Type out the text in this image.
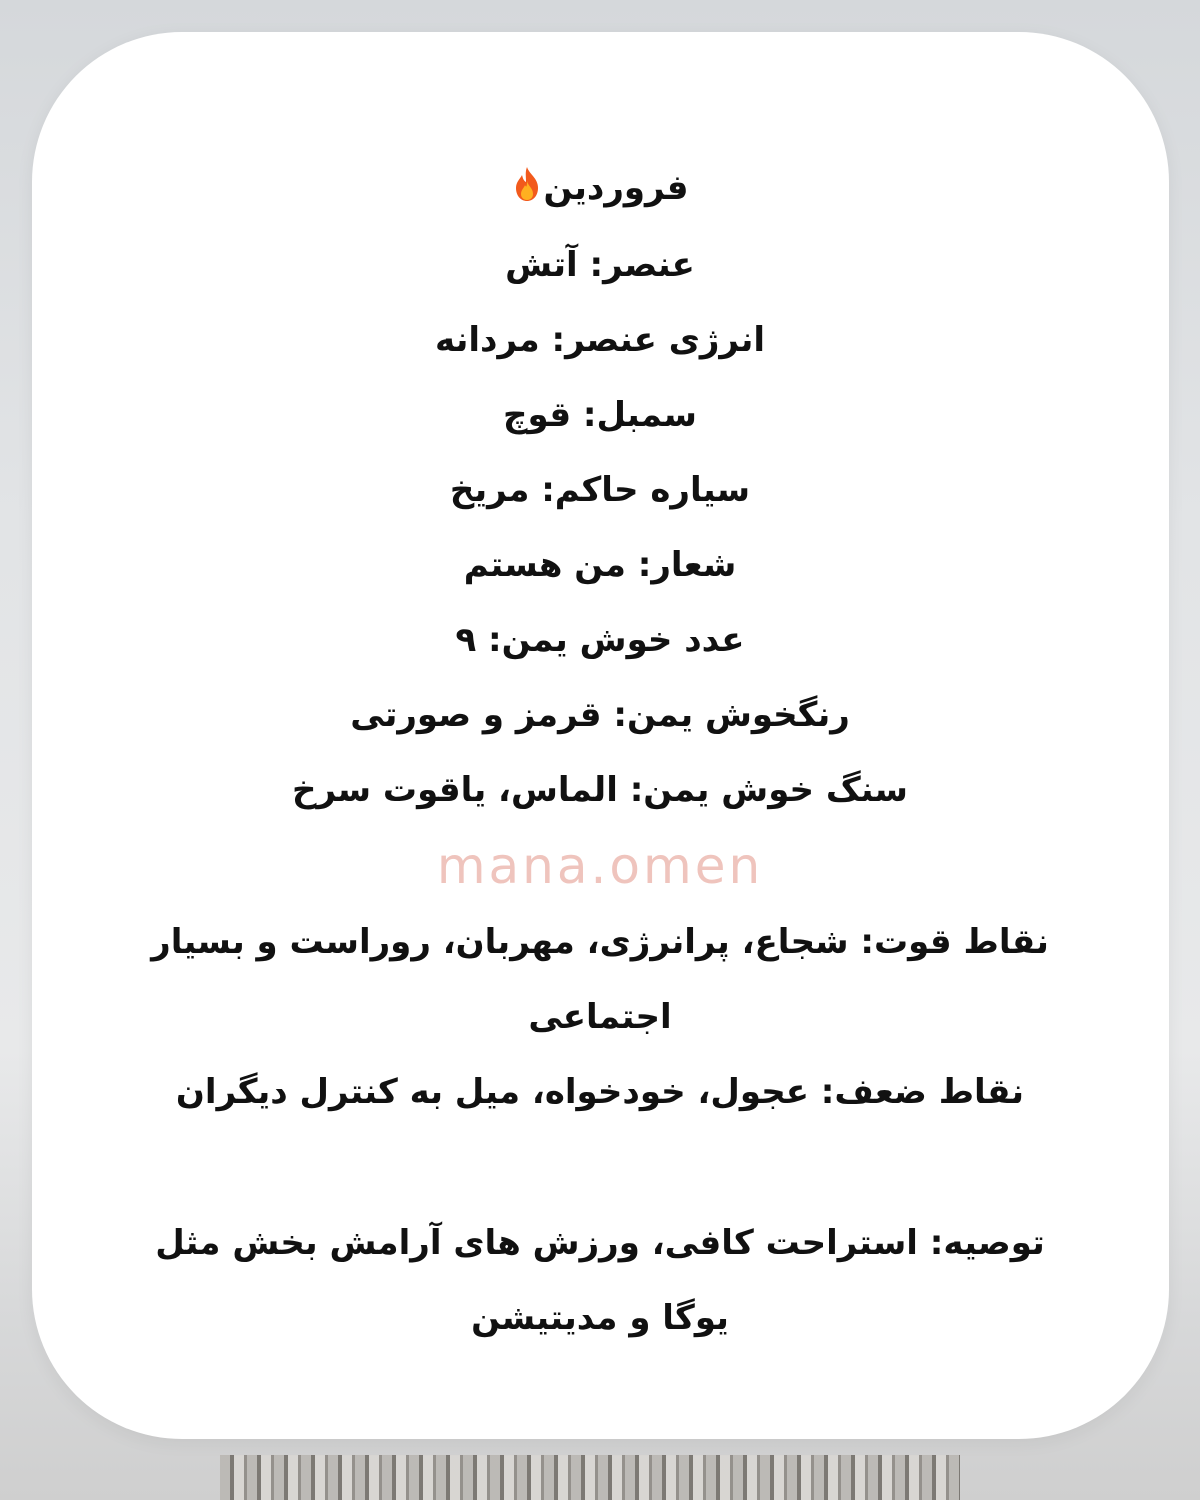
فروردین
عنصر: آتش
انرژی عنصر: مردانه
سمبل: قوچ
سیاره حاکم: مریخ
شعار: من هستم
عدد خوش یمن: ۹
رنگخوش یمن: قرمز و صورتی
سنگ خوش یمن: الماس، یاقوت سرخ
mana.omen
نقاط قوت: شجاع، پرانرژی، مهربان، روراست و بسیار
اجتماعی
نقاط ضعف: عجول، خودخواه، میل به کنترل دیگران
توصیه: استراحت کافی، ورزش های آرامش بخش مثل
یوگا و مدیتیشن
